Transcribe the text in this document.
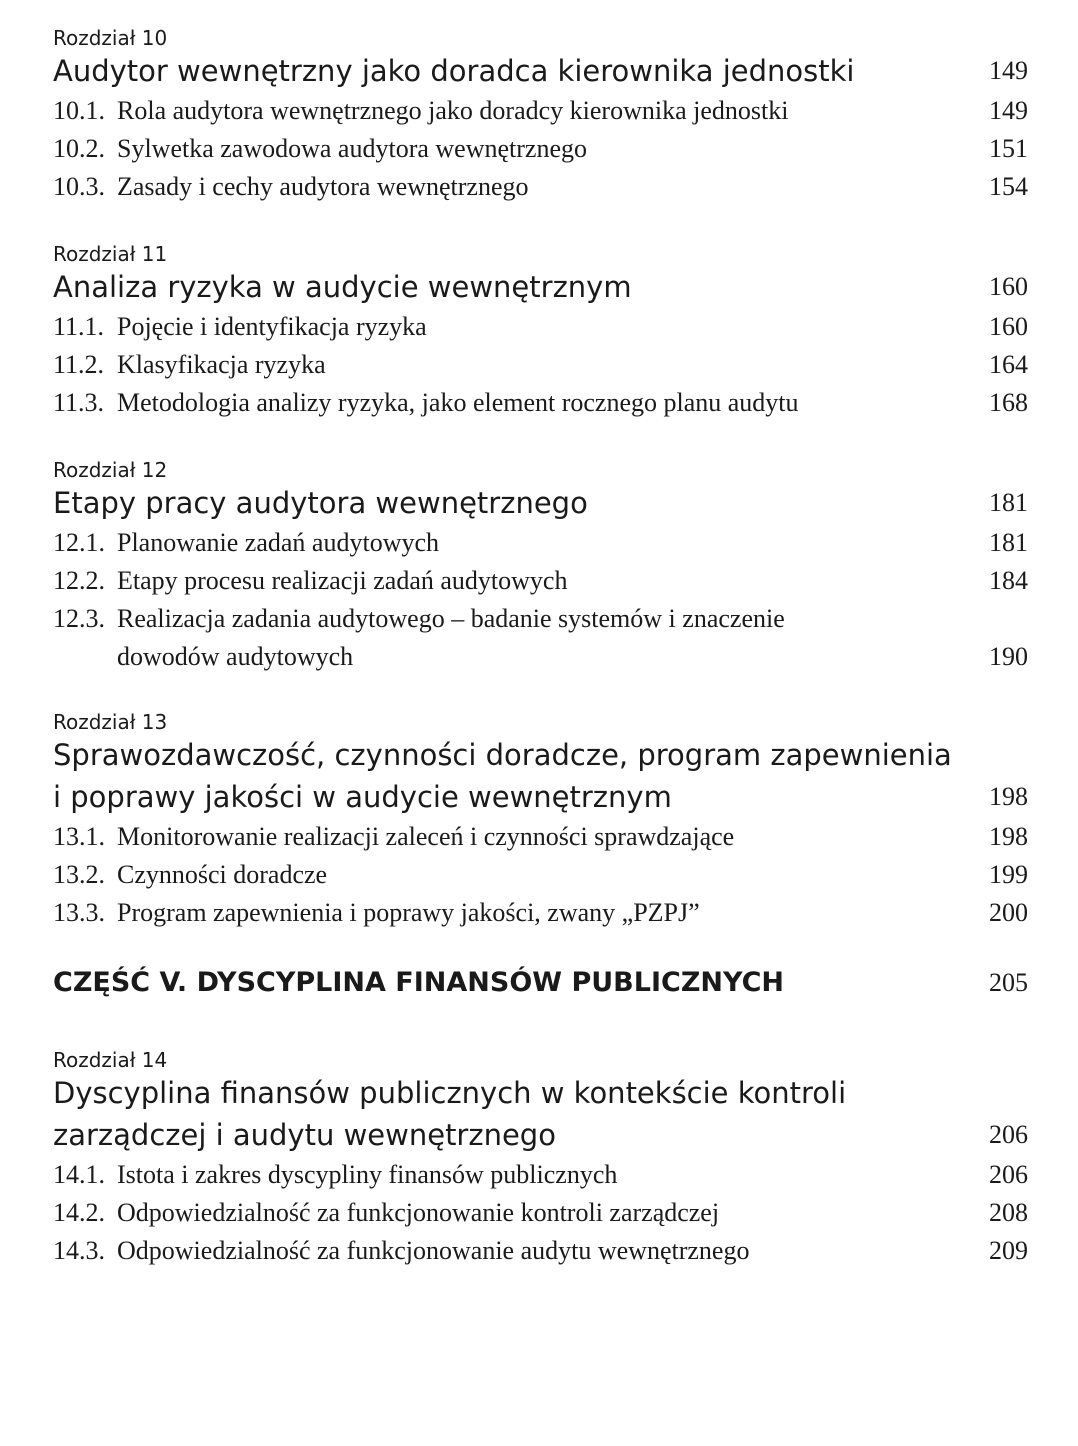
Rozdział 10
Audytor wewnętrzny jako doradca kierownika jednostki	149
10.1. Rola audytora wewnętrznego jako doradcy kierownika jednostki	149
10.2. Sylwetka zawodowa audytora wewnętrznego	151
10.3. Zasady i cechy audytora wewnętrznego	154
Rozdział 11
Analiza ryzyka w audycie wewnętrznym	160
11.1. Pojęcie i identyfikacja ryzyka	160
11.2. Klasyfikacja ryzyka	164
11.3. Metodologia analizy ryzyka, jako element rocznego planu audytu	168
Rozdział 12
Etapy pracy audytora wewnętrznego	181
12.1. Planowanie zadań audytowych	181
12.2. Etapy procesu realizacji zadań audytowych	184
12.3. Realizacja zadania audytowego – badanie systemów i znaczenie
dowodów audytowych	190
Rozdział 13
Sprawozdawczość, czynności doradcze, program zapewnienia
i poprawy jakości w audycie wewnętrznym	198
13.1. Monitorowanie realizacji zaleceń i czynności sprawdzające	198
13.2. Czynności doradcze	199
13.3. Program zapewnienia i poprawy jakości, zwany „PZPJ”	200
CZĘŚĆ V. DYSCYPLINA FINANSÓW PUBLICZNYCH	205
Rozdział 14
Dyscyplina finansów publicznych w kontekście kontroli
zarządczej i audytu wewnętrznego	206
14.1. Istota i zakres dyscypliny finansów publicznych	206
14.2. Odpowiedzialność za funkcjonowanie kontroli zarządczej	208
14.3. Odpowiedzialność za funkcjonowanie audytu wewnętrznego	209
